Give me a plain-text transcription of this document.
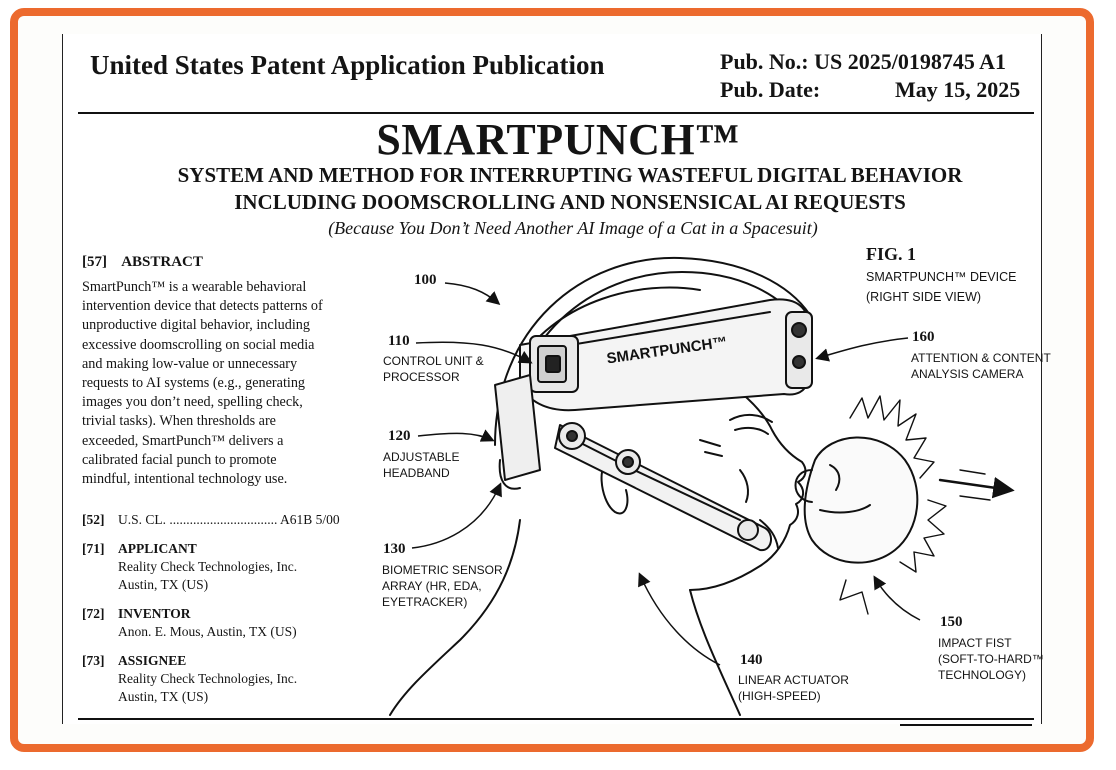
United States Patent Application Publication	Pub. No.: US 2025/0198745 A1
Pub. Date:	May 15, 2025
SMARTPUNCH™
SYSTEM AND METHOD FOR INTERRUPTING WASTEFUL DIGITAL BEHAVIOR
INCLUDING DOOMSCROLLING AND NONSENSICAL AI REQUESTS
(Because You Don’t Need Another AI Image of a Cat in a Spacesuit)
[57] ABSTRACT
SmartPunch™ is a wearable behavioral
intervention device that detects patterns of
unproductive digital behavior, including
excessive doomscrolling on social media
and making low-value or unnecessary
requests to AI systems (e.g., generating
images you don’t need, spelling check,
trivial tasks). When thresholds are
exceeded, SmartPunch™ delivers a
calibrated facial punch to promote
mindful, intentional technology use.
[52]	U.S. CL. ................................ A61B 5/00
[71]	APPLICANT
Reality Check Technologies, Inc.
Austin, TX (US)
[72]	INVENTOR
Anon. E. Mous, Austin, TX (US)
[73]	ASSIGNEE
Reality Check Technologies, Inc.
Austin, TX (US)
SMARTPUNCH™
FIG. 1
SMARTPUNCH™ DEVICE
(RIGHT SIDE VIEW)
100
110
CONTROL UNIT &
PROCESSOR
120
ADJUSTABLE
HEADBAND
130
BIOMETRIC SENSOR
ARRAY (HR, EDA,
EYETRACKER)
140
LINEAR ACTUATOR
(HIGH-SPEED)
150
IMPACT FIST
(SOFT-TO-HARD™
TECHNOLOGY)
160
ATTENTION & CONTENT
ANALYSIS CAMERA
